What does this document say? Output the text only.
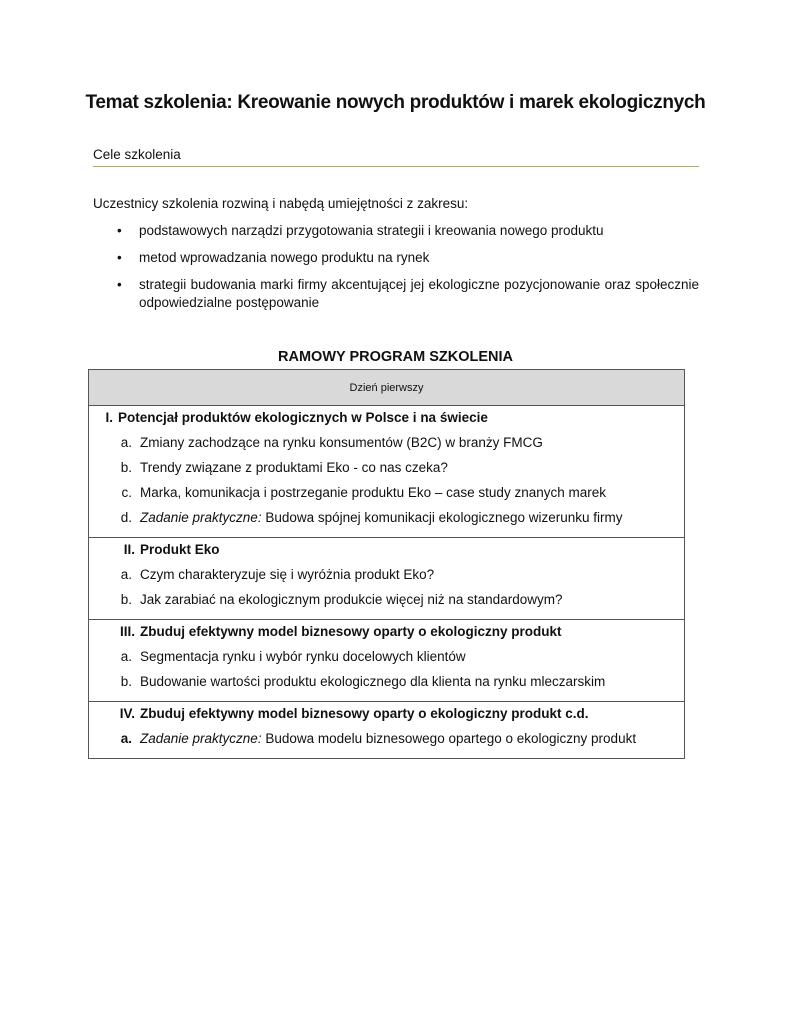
Temat szkolenia: Kreowanie nowych produktów i marek ekologicznych
Cele szkolenia
Uczestnicy szkolenia rozwiną i nabędą umiejętności z zakresu:
• podstawowych narządzi przygotowania strategii i kreowania nowego produktu
• metod wprowadzania nowego produktu na rynek
• strategii budowania marki firmy akcentującej jej ekologiczne pozycjonowanie oraz społecznie odpowiedzialne postępowanie
RAMOWY PROGRAM SZKOLENIA
Dzień pierwszy

I. Potencjał produktów ekologicznych w Polsce i na świecie
a. Zmiany zachodzące na rynku konsumentów (B2C) w branży FMCG
b. Trendy związane z produktami Eko - co nas czeka?
c. Marka, komunikacja i postrzeganie produktu Eko – case study znanych marek
d. Zadanie praktyczne: Budowa spójnej komunikacji ekologicznego wizerunku firmy

II. Produkt Eko
a. Czym charakteryzuje się i wyróżnia produkt Eko?
b. Jak zarabiać na ekologicznym produkcie więcej niż na standardowym?

III. Zbuduj efektywny model biznesowy oparty o ekologiczny produkt
a. Segmentacja rynku i wybór rynku docelowych klientów
b. Budowanie wartości produktu ekologicznego dla klienta na rynku mleczarskim

IV. Zbuduj efektywny model biznesowy oparty o ekologiczny produkt c.d.
a. Zadanie praktyczne: Budowa modelu biznesowego opartego o ekologiczny produkt
